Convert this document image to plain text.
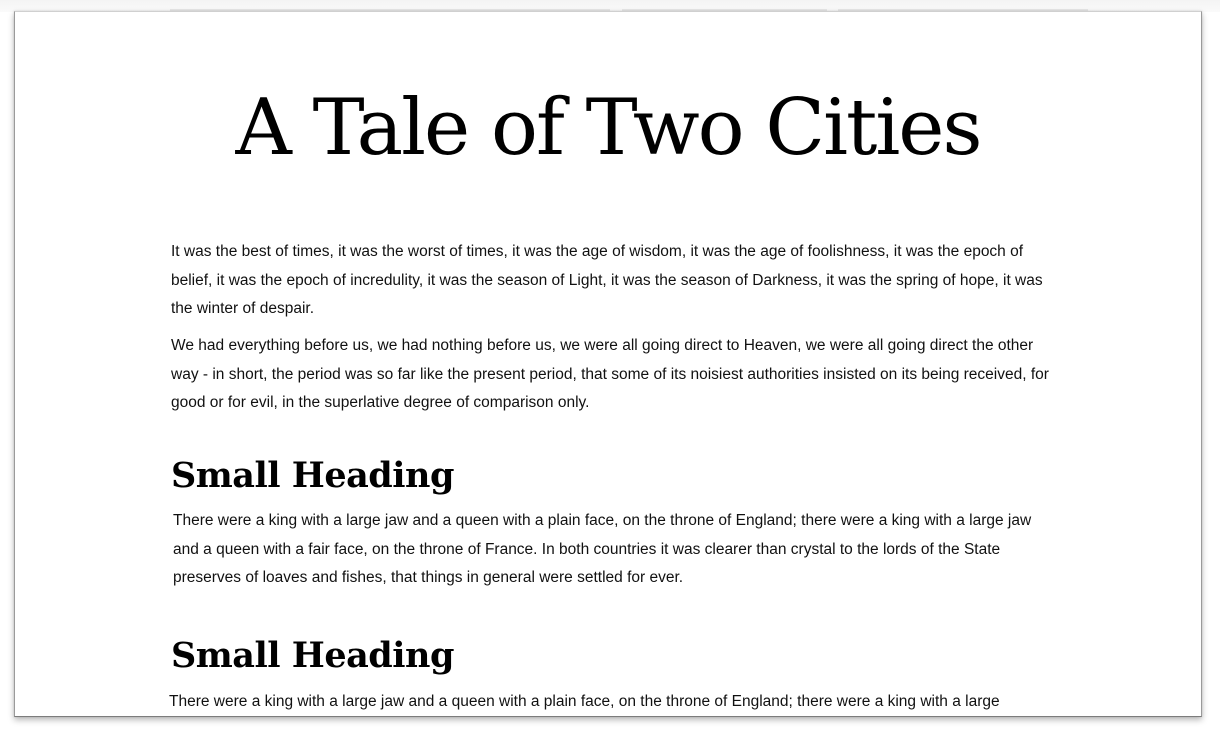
A Tale of Two Cities

It was the best of times, it was the worst of times, it was the age of wisdom, it was the age of foolishness, it was the epoch of belief, it was the epoch of incredulity, it was the season of Light, it was the season of Darkness, it was the spring of hope, it was the winter of despair.

We had everything before us, we had nothing before us, we were all going direct to Heaven, we were all going direct the other way - in short, the period was so far like the present period, that some of its noisiest authorities insisted on its being received, for good or for evil, in the superlative degree of comparison only.

Small Heading

There were a king with a large jaw and a queen with a plain face, on the throne of England; there were a king with a large jaw and a queen with a fair face, on the throne of France. In both countries it was clearer than crystal to the lords of the State preserves of loaves and fishes, that things in general were settled for ever.

Small Heading

There were a king with a large jaw and a queen with a plain face, on the throne of England; there were a king with a large
